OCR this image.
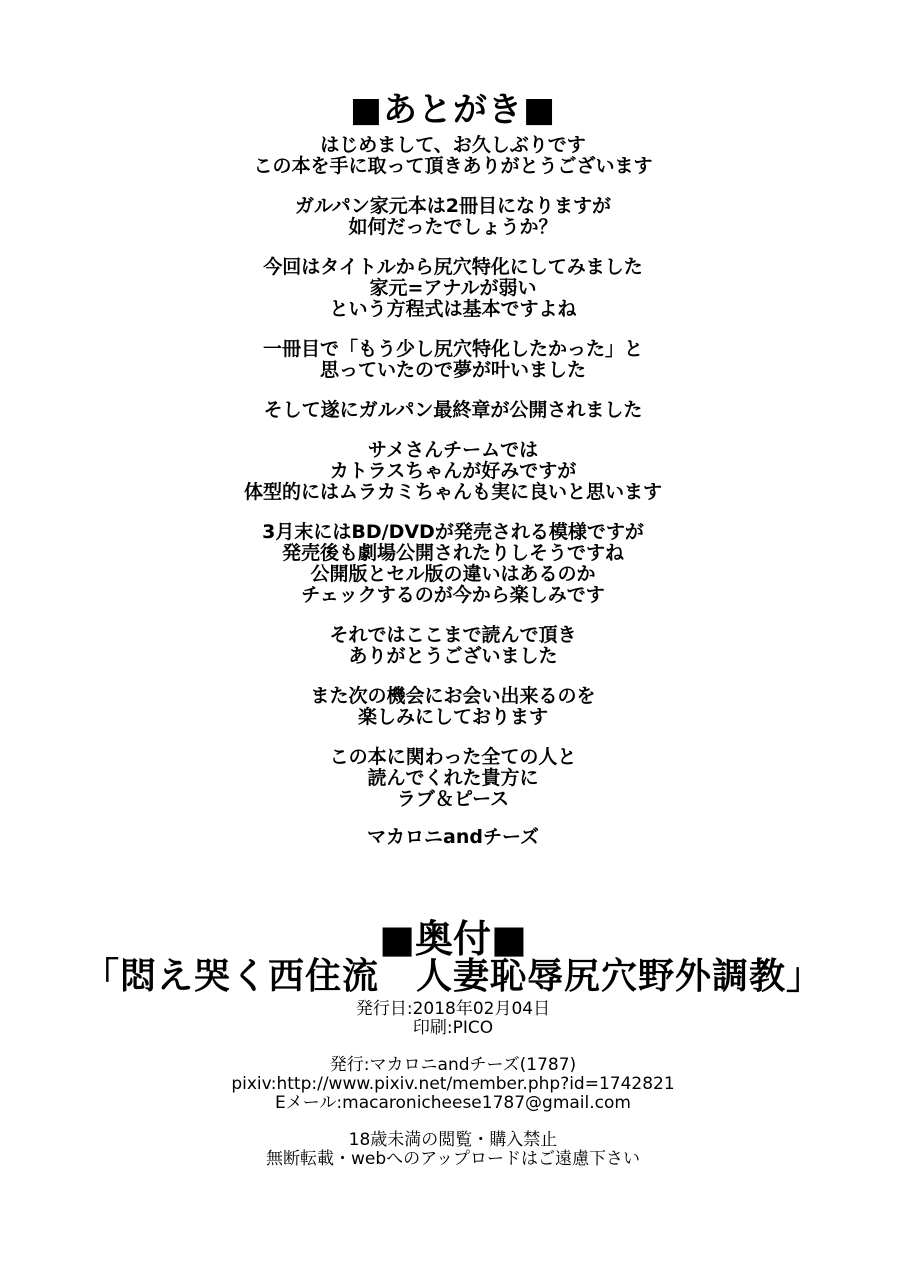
■あとがき■
はじめまして、お久しぶりです
この本を手に取って頂きありがとうございます
ガルパン家元本は2冊目になりますが
如何だったでしょうか？
今回はタイトルから尻穴特化にしてみました
家元=アナルが弱い
という方程式は基本ですよね
一冊目で「もう少し尻穴特化したかった」と
思っていたので夢が叶いました
そして遂にガルパン最終章が公開されました
サメさんチームでは
カトラスちゃんが好みですが
体型的にはムラカミちゃんも実に良いと思います
3月末にはBD/DVDが発売される模様ですが
発売後も劇場公開されたりしそうですね
公開版とセル版の違いはあるのか
チェックするのが今から楽しみです
それではここまで読んで頂き
ありがとうございました
また次の機会にお会い出来るのを
楽しみにしております
この本に関わった全ての人と
読んでくれた貴方に
ラブ＆ピース
マカロニandチーズ
■奥付■
「悶え哭く西住流　人妻恥辱尻穴野外調教」
発行日:2018年02月04日
印刷:PICO
発行:マカロニandチーズ(1787)
pixiv:http://www.pixiv.net/member.php?id=1742821
Eメール:macaronicheese1787@gmail.com
18歳未満の閲覧・購入禁止
無断転載・webへのアップロードはご遠慮下さい
